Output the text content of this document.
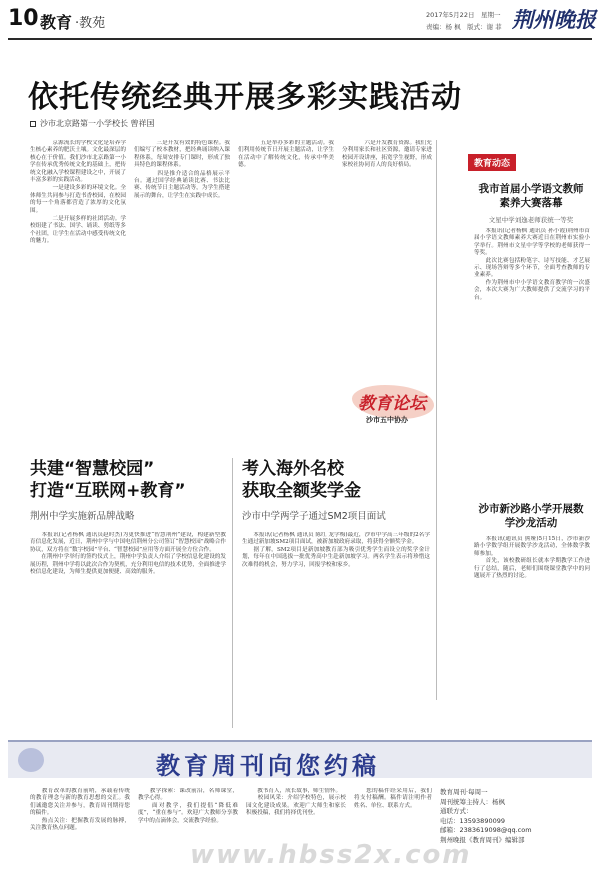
10 教育 ·教苑
2017年5月22日　星期一
责编：杨 枫　版式：谢 菲 荆州晚报
依托传统经典开展多彩实践活动
沙市北京路第一小学校长 曾祥国

　　京源流长的学校文化是培养学生核心素养的肥沃土壤。文化最深层的核心在于价值。我们沙市北京路第一小学在传承优秀传统文化的基础上，把传统文化融入学校课程建设之中，开展了丰富多彩的实践活动。

　　一是建设多彩的环境文化。全体师生共同参与打造书香校园，在校园的每一个角落都营造了浓厚的文化氛围。

　　二是开展多样的社团活动。学校组建了书法、国学、诵读、剪纸等多个社团，让学生在活动中感受传统文化的魅力。

　　三是开发有效的特色课程。我们编写了校本教材，把经典诵读纳入课程体系，每周安排专门课时，形成了独具特色的课程体系。

　　四是推介适合的品格展示平台。通过国学经典诵读比赛、书法比赛、传统节日主题活动等，为学生搭建展示的舞台，让学生在实践中成长。

　　五是举办多彩的主题活动。我们利用传统节日开展主题活动，让学生在活动中了解传统文化，传承中华美德。

　　六是开发教育资源。我们充分利用家长和社区资源，邀请专家进校园开设讲座，拓宽学生视野，形成家校社协同育人的良好格局。

教育论坛
沙市五中协办
教育动态
我市首届小学语文教师素养大赛落幕
文星中学刘逸老师获统一等奖
　　本报讯(记者杨枫 通讯员 孙小霞)荆州市首届小学语文教师素养大赛近日在荆州市实验小学举行。荆州市文星中学等学校的老师获得一等奖。
　　此次比赛包括粉笔字、诗写技能、才艺展示、现场答辩等多个环节，全面考查教师的专业素养。
　　作为荆州市中小学语文教育教学的一次盛会，本次大赛为广大教师提供了交流学习的平台。
沙市新沙路小学开展数学沙龙活动
　　本报讯(通讯员 熊娅)5月15日，沙市新沙路小学数学组开展数学沙龙活动，全体数学教师参加。
　　首先，该校教研组长就本学期教学工作进行了总结，随后，老师们围绕课堂教学中的问题展开了热烈的讨论。
共建“智慧校园”
打造“互联网+教育”
荆州中学实施新品牌战略
　　本报讯(记者杨枫 通讯员赵时杰)为更快推进“智慧荆州”建设，构建新型教育信息化发展，近日，荆州中学与中国电信荆州分公司签订“智慧校园”战略合作协议，双方将在“数字校园”平台、“智慧校园”应用等方面开展全方位合作。
　　在荆州中学举行的签约仪式上，荆州中学负责人介绍了学校信息化建设的发展历程，荆州中学将以此次合作为契机，充分利用电信的技术优势，全面推进学校信息化建设，为师生提供更加便捷、高效的服务。
考入海外名校
获取全额奖学金
沙市中学两学子通过SM2项目面试
　　本报讯(记者杨枫 通讯员 陈红 龙学梅)最近，沙市中学高三年级的2名学生通过新加坡SM2项目面试，被新加坡政府录取，将获得全额奖学金。
　　据了解，SM2项目是新加坡教育部为吸引优秀学生而设立的奖学金计划，每年在中国选拔一批优秀高中生赴新加坡学习。两名学生表示将珍惜这次难得的机会，努力学习，回报学校和家乡。
教育周刊向您约稿
　　教育改革的教育前哨，承载着传统的教育理念与新的教育思想的交汇。我们诚邀您关注并参与，教育周刊期待您的稿件。
　　热点关注：把握教育发展的脉搏，关注教育热点问题。
　　教学探索：课改前沿，名师课堂，教学心得。
　　面对教学，我们提倡“降低难度”，“重在参与”。欢迎广大教师分享教学中的点滴体会，交流教学经验。
　　教书育人，成长故事，师生情怀。
　　校园风采：介绍学校特色，展示校园文化建设成果。欢迎广大师生和家长积极投稿，我们将择优刊登。
　　您的稿件经采用后，我们将支付稿酬。稿件请注明作者姓名、单位、联系方式。
教育周刊·每周一
周刊统筹主持人：杨枫
通联方式：
电话：13593890099
邮箱：2383619098@qq.com
荆州晚报《教育周刊》编辑部
www.hbss2x.com
